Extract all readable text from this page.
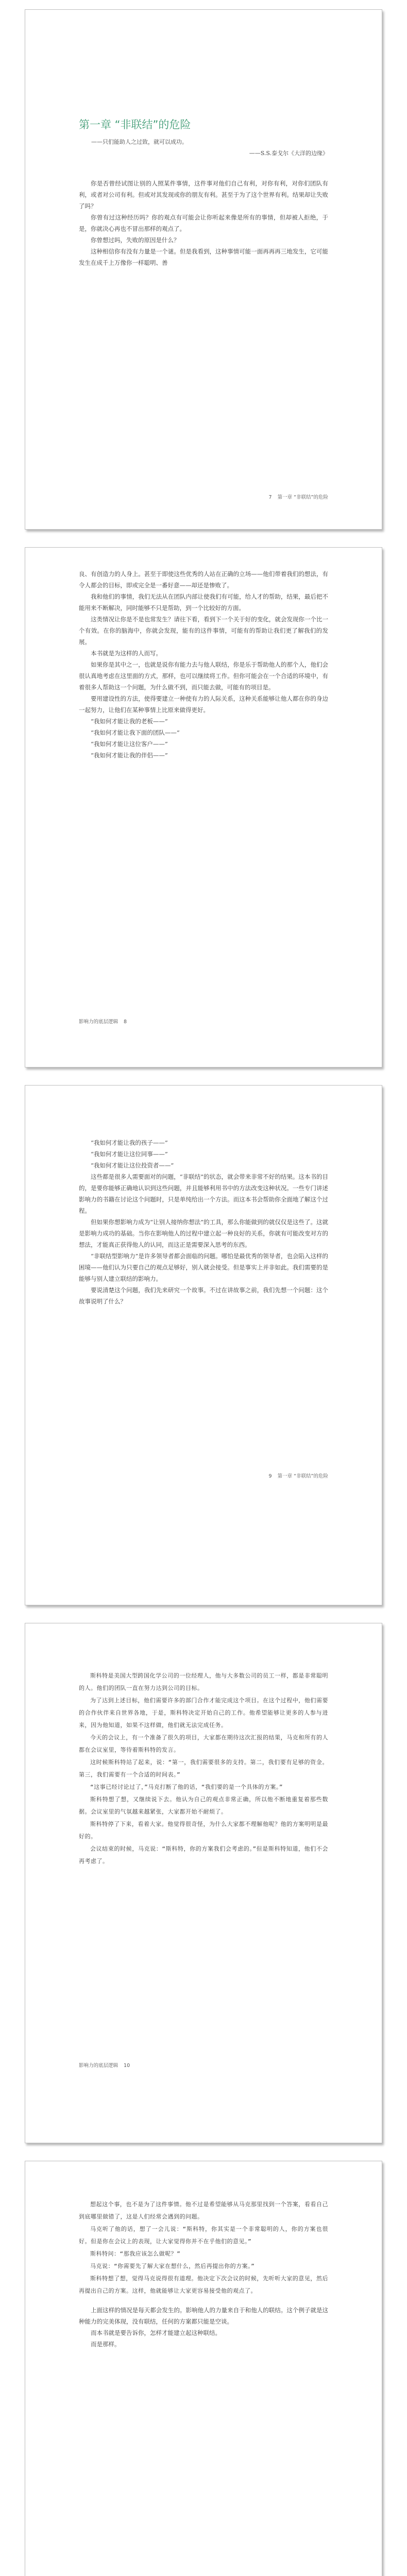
第一章 “非联结”的危险
——只们能助人之过致，就可以成功。
——S.S.泰戈尔《大洋的边缘》

你是否曾经试图让别的人照某件事情，这件事对他们自己有利，对你有利，对你们团队有利，或者对公司有利。但或对其发现或你的朋友有利。甚至于为了这个世界有利。结果却让失败了吗？

你曾有过这种经历吗？你的观点有可能会让你听起来像是所有的事情，但却被人拒绝，于是，你就决心再也不冒出那样的观点了。

你曾想过吗，失败的原因是什么？

这种相信你有没有力量是一个谜。但是我看到，这种事情可能一面再再再三地发生，它可能发生在成千上万像你一样聪明、善

7 第一章 “非联结”的危险

良、有创造力的人身上。甚至于即使这些优秀的人站在正确的立场——他们带着我们的想法，有令人都会的目标，即或完全是一番好意——却还是惨败了。

我和他们的事情，我们无法从在团队内部让使我们有可能，给人才的帮助，结果，最后把不能用来不断解决，同时能够不只是帮助，到一个比较好的方面。

这类情况让你是不是也常发生？请往下看，看到下一个关于好的变化，就会发现你一个比一个有效。在你的脑海中，你就会发现，能有的这件事情，可能有的帮助让我们更了解我们的发展。

本书就是为这样的人而写。

如果你是其中之一，也就是说你有能力去与他人联结，你是乐于帮助他人的那个人，他们会很认真地考虑在这里面的方式，那样，也可以继续将工作。但你可能会在一个合适的环境中，有着很多人帮助这一个问题，为什么做不到，而只能去做，可能有的项目是。

要用建设性的方法，使得要建立一种使有力的人际关系，这种关系能够让他人都在你的身边一起努力，让他们在某种事情上比原来做得更好。

“我如何才能让我的老板——”

“我如何才能让我下面的团队——”

“我如何才能让这位客户——”

“我如何才能让我的伴侣——”

影响力的底层逻辑 8

“我如何才能让我的孩子——”

“我如何才能让这位同事——”

“我如何才能让这位投资者——”

这些都是很多人需要面对的问题，“非联结”的状态，就会带来非常不好的结果。这本书的目的，是要你能够正确地认识到这些问题，并且能够利用书中的方法改变这种状况。一些专门讲述影响力的书籍在讨论这个问题时，只是单纯给出一个方法。而这本书会帮助你全面地了解这个过程。

但如果你想影响力成为“让别人接纳你想法”的工具，那么你能做到的就仅仅是这些了。这就是影响力成功的基础。当你在影响他人的过程中建立起一种良好的关系，你就有可能改变对方的想法，才能真正获得他人的认同，而这正是需要深入思考的东西。

“非联结型影响力”是许多领导者都会面临的问题。哪怕是最优秀的领导者，也会陷入这样的困境——他们认为只要自己的观点足够好，别人就会接受。但是事实上并非如此。我们需要的是能够与别人建立联结的影响力。

要说清楚这个问题，我们先来研究一个故事。不过在讲故事之前，我们先想一个问题：这个故事说明了什么？

9 第一章 “非联结”的危险

斯科特是美国大型跨国化学公司的一位经理人，他与大多数公司的员工一样，都是非常聪明的人。他们的团队一直在努力达到公司的目标。

为了达到上述目标，他们需要许多的部门合作才能完成这个项目。在这个过程中，他们需要的合作伙伴来自世界各地，于是，斯科特决定开始自己的工作。他希望能够让更多的人参与进来，因为他知道，如果不这样做，他们就无法完成任务。

今天的会议上，有一个准备了很久的项目，大家都在期待这次汇报的结果，马克和所有的人都在会议室里，等待着斯科特的发言。

这时候斯科特站了起来，说：“第一，我们需要很多的支持。第二，我们要有足够的资金。第三，我们需要有一个合适的时间表。”

“这事已经讨论过了，”马克打断了他的话，“我们要的是一个具体的方案。”

斯科特想了想，又继续说下去。他认为自己的观点非常正确，所以他不断地重复着那些数据。会议室里的气氛越来越紧张，大家都开始不耐烦了。

斯科特停了下来，看着大家。他觉得很奇怪，为什么大家都不理解他呢？他的方案明明是最好的。

会议结束的时候，马克说：“斯科特，你的方案我们会考虑的。”但是斯科特知道，他们不会再考虑了。

影响力的底层逻辑 10

想起这个事，也不是为了这件事情。他不过是希望能够从马克那里找到一个答案，看看自己到底哪里做错了，这是人们经常会遇到的问题。

马克听了他的话，想了一会儿说：“斯科特，你其实是一个非常聪明的人，你的方案也很好。但是你在会议上的表现，让大家觉得你并不在乎他们的意见。”

斯科特问：“那我应该怎么做呢？”

马克说：“你需要先了解大家在想什么，然后再提出你的方案。”

斯科特想了想，觉得马克说得很有道理。他决定下次会议的时候，先听听大家的意见，然后再提出自己的方案。这样，他就能够让大家更容易接受他的观点了。

上面这样的情况是每天都会发生的。影响他人的力量来自于和他人的联结。这个例子就是这种能力的完美体现，没有联结，任何的方案都只能是空谈。

而本书就是要告诉你，怎样才能建立起这种联结。

而是那样。
